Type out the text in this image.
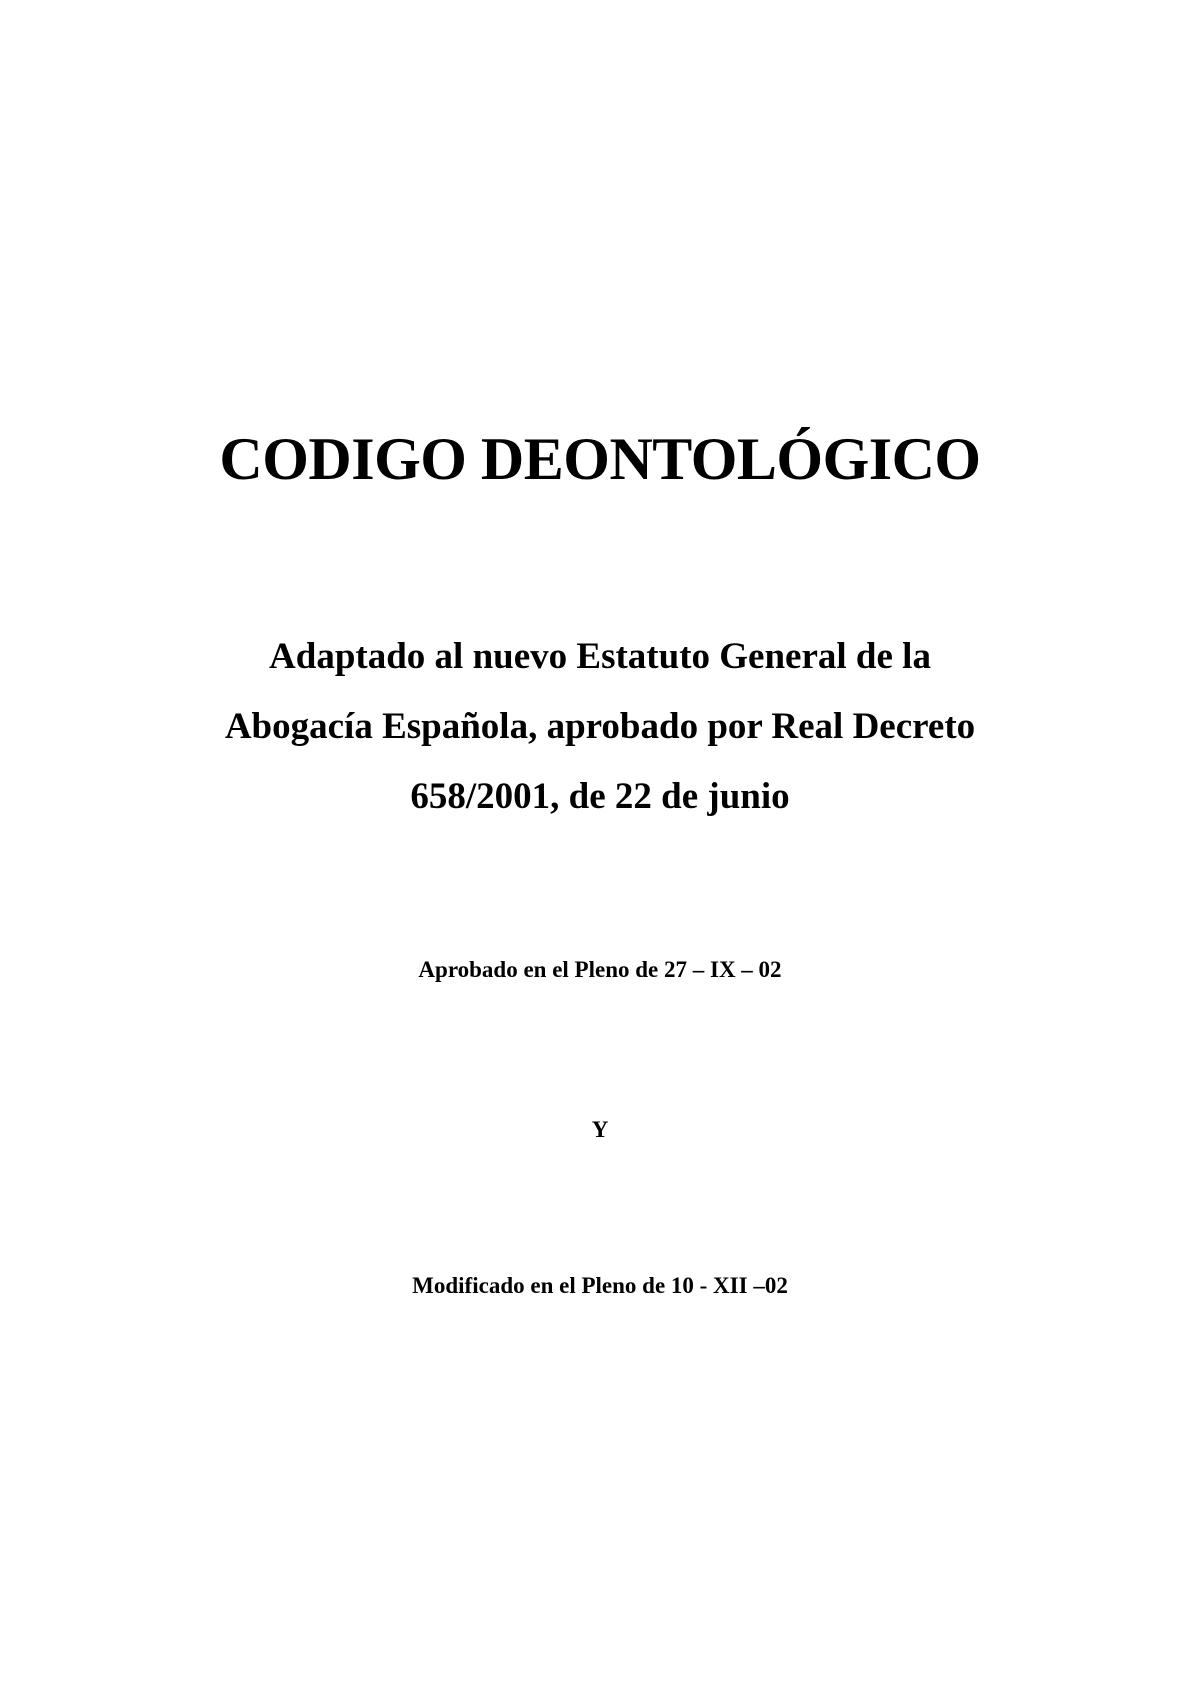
CODIGO DEONTOLÓGICO

Adaptado al nuevo Estatuto General de la

Abogacía Española, aprobado por Real Decreto

658/2001, de 22 de junio

Aprobado en el Pleno de 27 – IX – 02

Y

Modificado en el Pleno de 10 - XII –02
